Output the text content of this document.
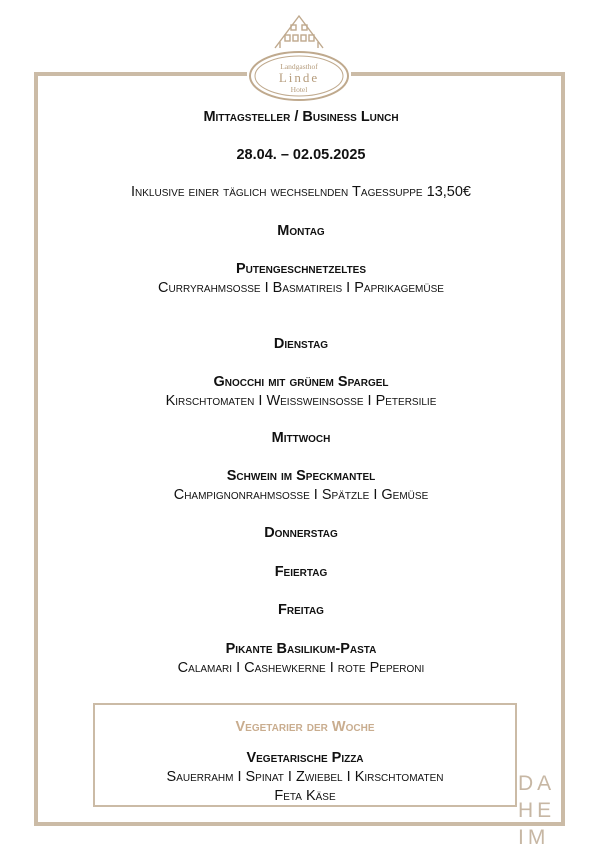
Landgasthof
Linde
Hotel
Mittagsteller / Business Lunch
28.04. – 02.05.2025
Inklusive einer täglich wechselnden Tagessuppe 13,50€
Montag
Putengeschnetzeltes
Curryrahmsoße I Basmatireis I Paprikagemüse
Dienstag
Gnocchi mit grünem Spargel
Kirschtomaten I Weißweinsoße I Petersilie
Mittwoch
Schwein im Speckmantel
Champignonrahmsoße I Spätzle I Gemüse
Donnerstag
Feiertag
Freitag
Pikante Basilikum-Pasta
Calamari I Cashewkerne I rote Peperoni
Vegetarier der Woche
Vegetarische Pizza
Sauerrahm I Spinat I Zwiebel I Kirschtomaten
Feta Käse
DA
HE
IM
